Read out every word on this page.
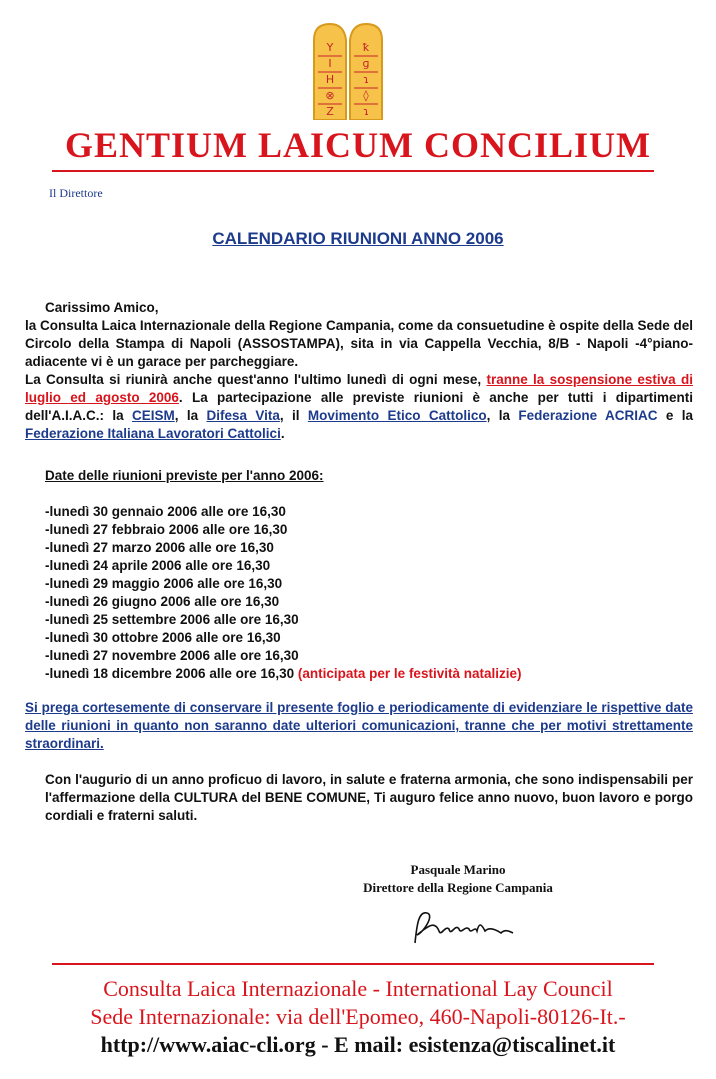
Y
I
H
⊗
Z
ꝁ
ɡ
ɿ
◊
ɿ
GENTIUM LAICUM CONCILIUM
Il Direttore
CALENDARIO RIUNIONI ANNO 2006
Carissimo Amico,
la Consulta Laica Internazionale della Regione Campania, come da consuetudine è ospite della Sede del Circolo della Stampa di Napoli (ASSOSTAMPA), sita in via Cappella Vecchia, 8/B - Napoli -4°piano-adiacente vi è un garace per parcheggiare.
La Consulta si riunirà anche quest'anno l'ultimo lunedì di ogni mese, tranne la sospensione estiva di luglio ed agosto 2006. La partecipazione alle previste riunioni è anche per tutti i dipartimenti dell'A.I.A.C.: la CEISM, la Difesa Vita, il Movimento Etico Cattolico, la Federazione ACRIAC e la Federazione Italiana Lavoratori Cattolici.
Date delle riunioni previste per l'anno 2006:
-lunedì 30 gennaio 2006 alle ore 16,30
-lunedì 27 febbraio 2006 alle ore 16,30
-lunedì 27 marzo 2006 alle ore 16,30
-lunedì 24 aprile 2006 alle ore 16,30
-lunedì 29 maggio 2006 alle ore 16,30
-lunedì 26 giugno 2006 alle ore 16,30
-lunedì 25 settembre 2006 alle ore 16,30
-lunedì 30 ottobre 2006 alle ore 16,30
-lunedì 27 novembre 2006 alle ore 16,30
-lunedì 18 dicembre 2006 alle ore 16,30 (anticipata per le festività natalizie)
Si prega cortesemente di conservare il presente foglio e periodicamente di evidenziare le rispettive date delle riunioni in quanto non saranno date ulteriori comunicazioni, tranne che per motivi strettamente straordinari.
Con l'augurio di un anno proficuo di lavoro, in salute e fraterna armonia, che sono indispensabili per l'affermazione della CULTURA del BENE COMUNE, Ti auguro felice anno nuovo, buon lavoro e porgo cordiali e fraterni saluti.
Pasquale Marino
Direttore della Regione Campania
Consulta Laica Internazionale - International Lay Council
Sede Internazionale: via dell'Epomeo, 460-Napoli-80126-It.-
http://www.aiac-cli.org - E mail: esistenza@tiscalinet.it
